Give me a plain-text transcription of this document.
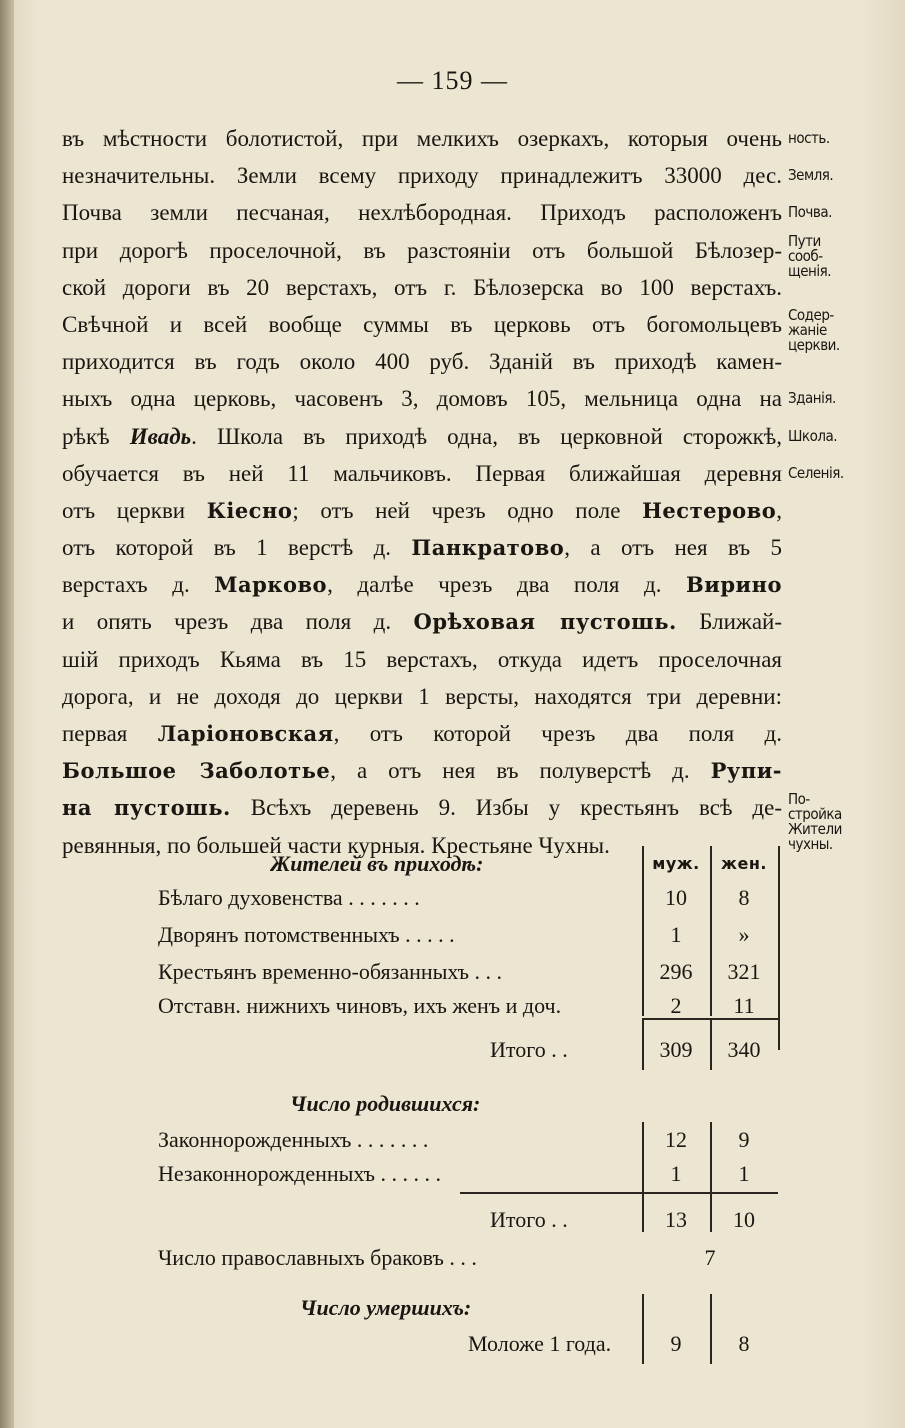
— 159 —
въ мѣстности болотистой, при мелкихъ озеркахъ, которыя очень
незначительны. Земли всему приходу принадлежитъ 33000 дес.
Почва земли песчаная, нехлѣбородная. Приходъ расположенъ
при дорогѣ проселочной, въ разстояніи отъ большой Бѣлозер-
ской дороги въ 20 верстахъ, отъ г. Бѣлозерска во 100 верстахъ.
Свѣчной и всей вообще суммы въ церковь отъ богомольцевъ
приходится въ годъ около 400 руб. Зданій въ приходѣ камен-
ныхъ одна церковь, часовенъ 3, домовъ 105, мельница одна на
рѣкѣ Ивадь. Школа въ приходѣ одна, въ церковной сторожкѣ,
обучается въ ней 11 мальчиковъ. Первая ближайшая деревня
отъ церкви Кіесно; отъ ней чрезъ одно поле Нестерово,
отъ которой въ 1 верстѣ д. Панкратово, а отъ нея въ 5
верстахъ д. Марково, далѣе чрезъ два поля д. Вирино
и опять чрезъ два поля д. Орѣховая пустошь. Ближай-
шій приходъ Кьяма въ 15 верстахъ, откуда идетъ проселочная
дорога, и не доходя до церкви 1 версты, находятся три деревни:
первая Ларіоновская, отъ которой чрезъ два поля д.
Большое Заболотье, а отъ нея въ полуверстѣ д. Рупи-
на пустошь. Всѣхъ деревень 9. Избы у крестьянъ всѣ де-
ревянныя, по большей части курныя. Крестьяне Чухны.
ность.
Земля.
Почва.
Пути
сооб-
щенія.
Содер-
жаніе
церкви.
Зданія.
Школа.
Селенія.
По-
стройка
Жители
чухны.
Жителей въ приходѣ:	муж.	жен.
Бѣлаго духовенства . . . . . . .	10	8
Дворянъ потомственныхъ . . . . .	1	»
Крестьянъ временно-обязанныхъ . . .	296	321
Отставн. нижнихъ чиновъ, ихъ женъ и доч.	2	11
Итого . .	309	340
Число родившихся:
Законнорожденныхъ . . . . . . .	12	9
Незаконнорожденныхъ . . . . . .	1	1
Итого . .	13	10
Число православныхъ браковъ . . .	7
Число умершихъ:
Моложе 1 года.	9	8
